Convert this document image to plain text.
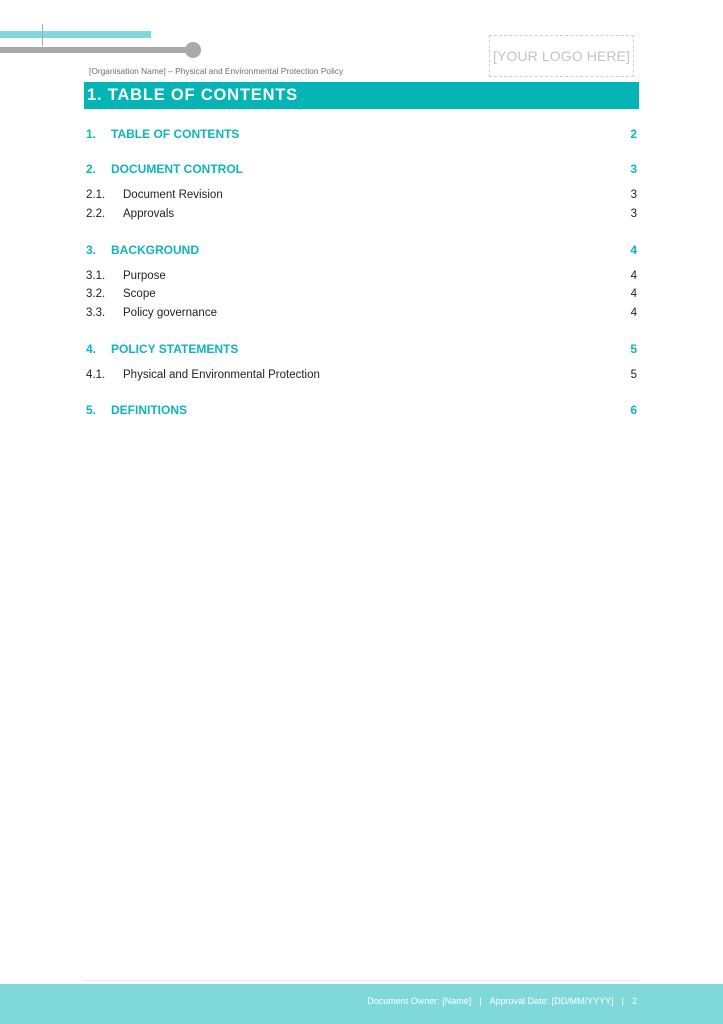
[YOUR LOGO HERE]
[Organisation Name] – Physical and Environmental Protection Policy
1. TABLE OF CONTENTS
1. TABLE OF CONTENTS	2
2. DOCUMENT CONTROL	3
2.1. Document Revision	3
2.2. Approvals	3
3. BACKGROUND	4
3.1. Purpose	4
3.2. Scope	4
3.3. Policy governance	4
4. POLICY STATEMENTS	5
4.1. Physical and Environmental Protection	5
5. DEFINITIONS	6
Document Owner: [Name] | Approval Date: [DD/MM/YYYY] | 2
